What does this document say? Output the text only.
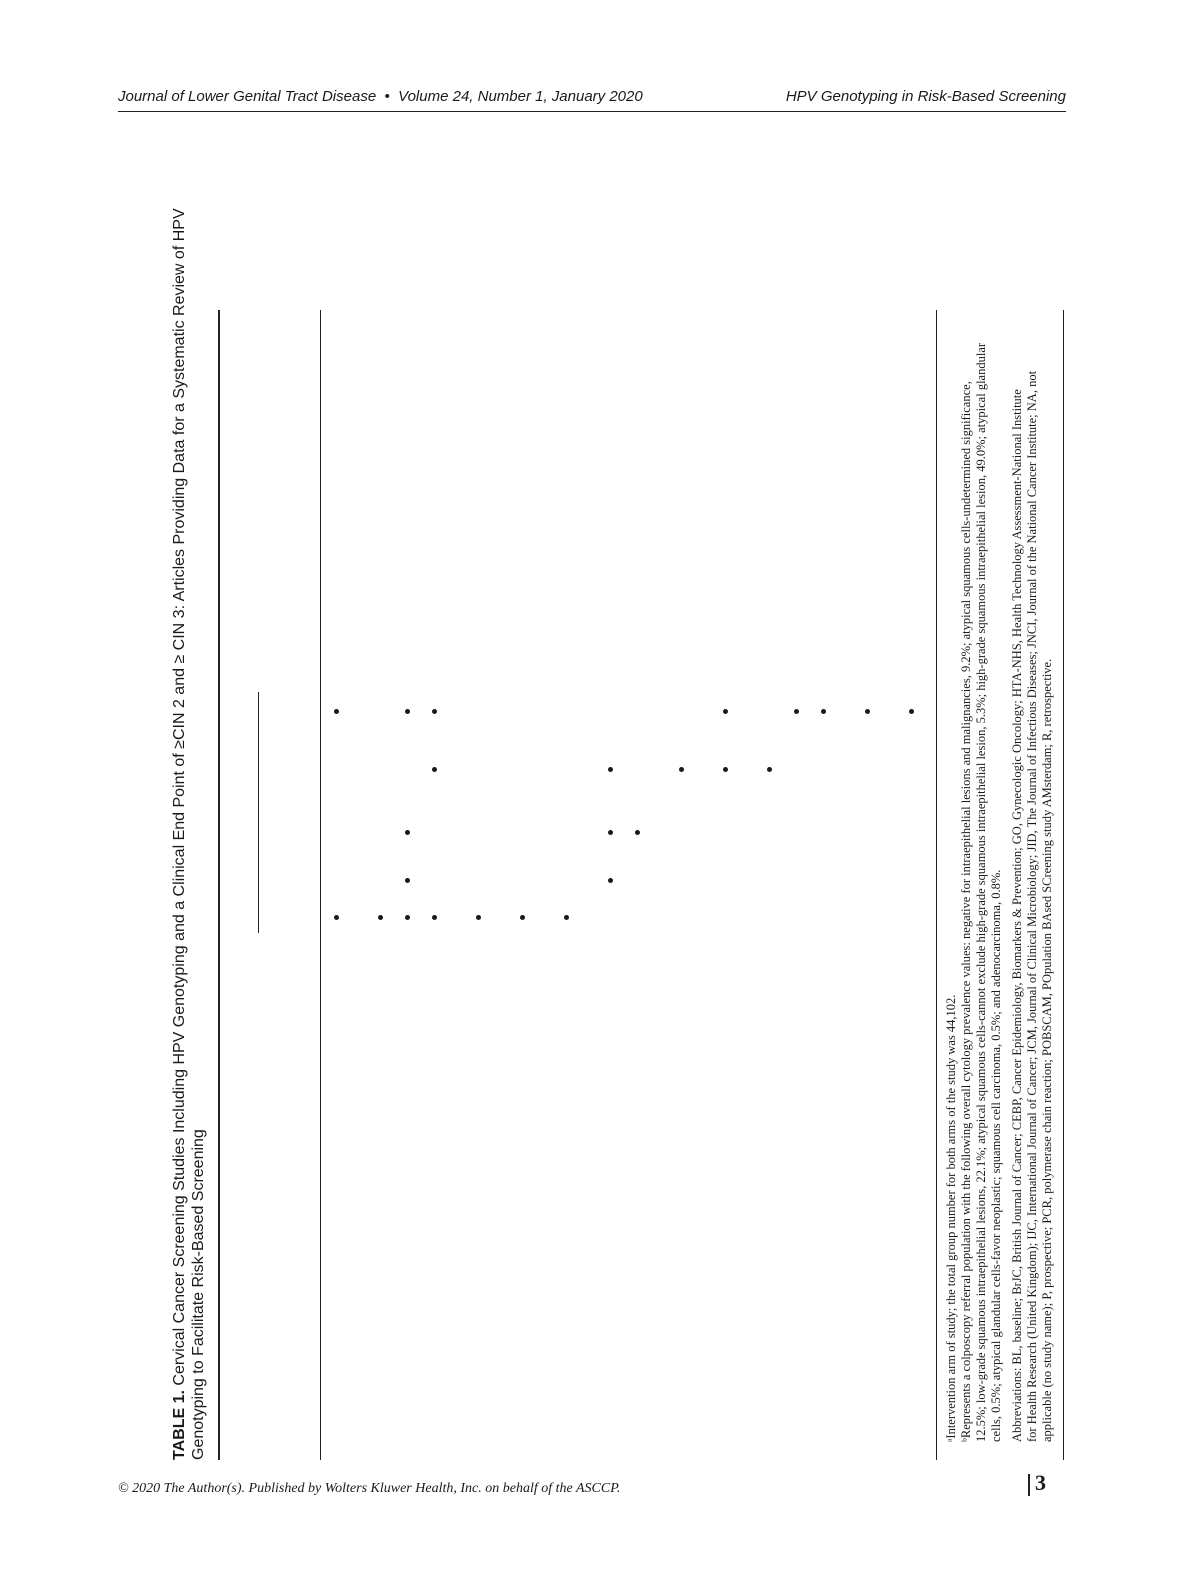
Journal of Lower Genital Tract Disease • Volume 24, Number 1, January 2020	HPV Genotyping in Risk-Based Screening
TABLE 1. Cervical Cancer Screening Studies Including HPV Genotyping and a Clinical End Point of ≥CIN 2 and ≥ CIN 3: Articles Providing Data for a Systematic Review of HPV Genotyping to Facilitate Risk-Based Screening	ᵃIntervention arm of study; the total group number for both arms of the study was 44,102. ᵇRepresents a colposcopy referral population with the following overall cytology prevalence values: negative for intraepithelial lesions and malignancies, 9.2%; atypical squamous cells-undetermined significance, 12.5%; low-grade squamous intraepithelial lesions, 22.1%; atypical squamous cells-cannot exclude high-grade squamous intraepithelial lesion, 5.3%; high-grade squamous intraepithelial lesion, 49.0%; atypical glandular cells, 0.5%; atypical glandular cells-favor neoplastic; squamous cell carcinoma, 0.5%; and adenocarcinoma, 0.8%. Abbreviations: BL, baseline; BrJC, British Journal of Cancer; CEBP, Cancer Epidemiology, Biomarkers & Prevention; GO, Gynecologic Oncology; HTA-NHS, Health Technology Assessment-National Institute for Health Research (United Kingdom); IJC, International Journal of Cancer; JCM, Journal of Clinical Microbiology; JID, The Journal of Infectious Diseases; JNCI, Journal of the National Cancer Institute; NA, not applicable (no study name); P, prospective; PCR, polymerase chain reaction; POBSCAM, POpulation BAsed SCreening study AMsterdam; R, retrospective.
© 2020 The Author(s). Published by Wolters Kluwer Health, Inc. on behalf of the ASCCP.	3
